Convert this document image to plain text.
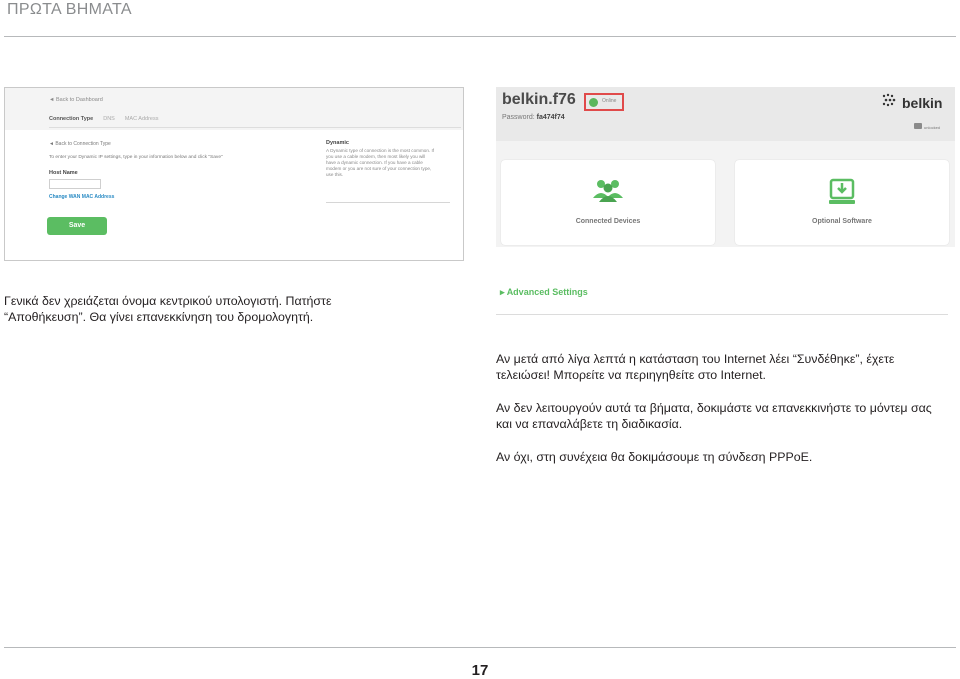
ΠΡΩΤΑ ΒΗΜΑΤΑ
◄ Back to Dashboard
Connection Type DNS MAC Address
◄ Back to Connection Type
To enter your Dynamic IP settings, type in your information below and click "Save"
Host Name
Change WAN MAC Address
Save
Dynamic
A Dynamic type of connection is the most common. If you use a cable modem, then most likely you will have a dynamic connection. If you have a cable modem or you are not sure of your connection type, use this.
belkin.f76	Online
Password: fa474f74
belkin
unlocked
Connected Devices	Optional Software
▸ Advanced Settings
Γενικά δεν χρειάζεται όνομα κεντρικού υπολογιστή. Πατήστε “Αποθήκευση”. Θα γίνει επανεκκίνηση του δρομολογητή.
Αν μετά από λίγα λεπτά η κατάσταση του Internet λέει “Συνδέθηκε”, έχετε τελειώσει! Μπορείτε να περιηγηθείτε στο Internet.
Αν δεν λειτουργούν αυτά τα βήματα, δοκιμάστε να επανεκκινήστε το μόντεμ σας και να επαναλάβετε τη διαδικασία.
Αν όχι, στη συνέχεια θα δοκιμάσουμε τη σύνδεση PPPoE.
17
